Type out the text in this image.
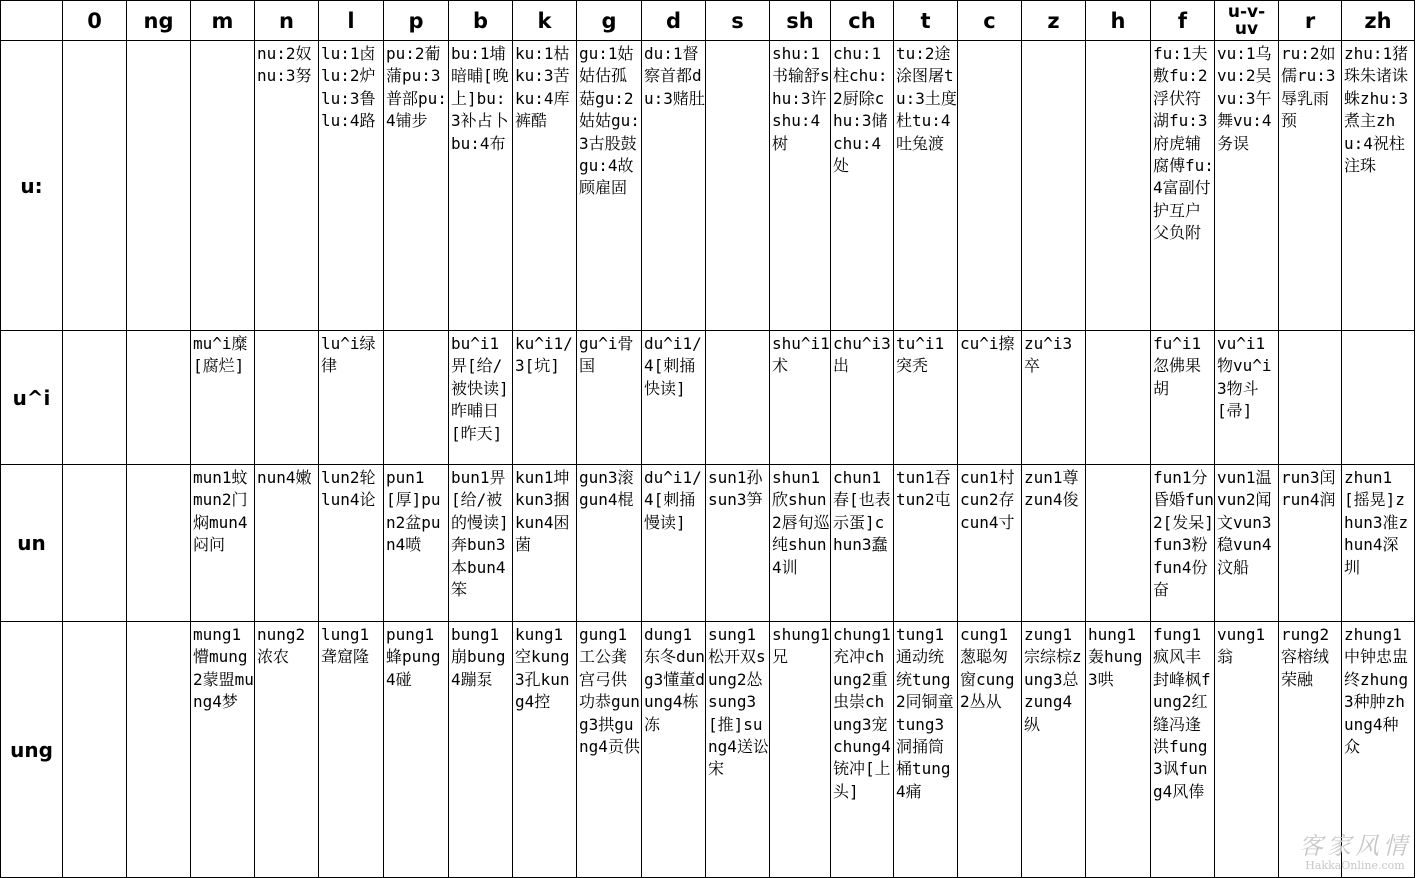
	0	ng	m	n	l	p	b	k	g	d	s	sh	ch	t	c	z	h	f	u-v-
uv	r	zh
u:				nu:2奴nu:3努	lu:1卤lu:2炉lu:3鲁lu:4路	pu:2葡蒲pu:3普部pu:4铺步	bu:1埔暗晡[晚上]bu:3补占卜bu:4布	ku:1枯ku:3苦ku:4库裤酷	gu:1姑姑估孤菇gu:2姑姑gu:3古股鼓gu:4故顾雇固	du:1督察首都du:3赌肚		shu:1书输舒shu:3许shu:4树	chu:1柱chu:2厨除chu:3储chu:4处	tu:2途涂图屠tu:3土度杜tu:4吐兔渡				fu:1夫敷fu:2浮伏符湖fu:3府虎辅腐傅fu:4富副付护互户父负附	vu:1乌vu:2吴vu:3午舞vu:4务误	ru:2如儒ru:3辱乳雨预	zhu:1猪珠朱诸诛蛛zhu:3煮主zhu:4祝柱注珠
u^i			mu^i糜[腐烂]		lu^i绿律		bu^i1畀[给/被快读]昨晡日[昨天]	ku^i1/3[坑]	gu^i骨国	du^i1/4[刺捅快读]		shu^i1术	chu^i3出	tu^i1突秃	cu^i擦	zu^i3卒		fu^i1忽佛果胡	vu^i1物vu^i3物斗[帚]		
un			mun1蚊mun2门焖mun4闷问	nun4嫩	lun2轮lun4论	pun1[厚]pun2盆pun4喷	bun1畀[给/被的慢读]奔bun3本bun4笨	kun1坤kun3捆kun4困菌	gun3滚gun4棍	du^i1/4[刺捅慢读]	sun1孙sun3笋	shun1欣shun2唇旬巡纯shun4训	chun1春[也表示蛋]chun3蠢	tun1吞tun2屯	cun1村cun2存cun4寸	zun1尊zun4俊		fun1分昏婚fun2[发呆]fun3粉fun4份奋	vun1温vun2闻文vun3稳vun4汶船	run3闰run4润	zhun1[摇晃]zhun3准zhun4深圳
ung			mung1懵mung2蒙盟mung4梦	nung2浓农	lung1聋窟隆	pung1蜂pung4碰	bung1崩bung4蹦泵	kung1空kung3孔kung4控	gung1工公龚宫弓供功恭gung3拱gung4贡供	dung1东冬dung3懂董dung4栋冻	sung1松开双sung2怂sung3[推]sung4送讼宋	shung1兄	chung1充冲chung2重虫崇chung3宠chung4铳冲[上头]	tung1通动统统tung2同铜童tung3洞捅筒桶tung4痛	cung1葱聪匆窗cung2丛从	zung1宗综棕zung3总zung4纵	hung1轰hung3哄	fung1疯风丰封峰枫fung2红缝冯逢洪fung3讽fung4风俸	vung1翁	rung2容榕绒荣融	zhung1中钟忠盅终zhung3种肿zhung4种众
客家风情
HakkaOnline.com
